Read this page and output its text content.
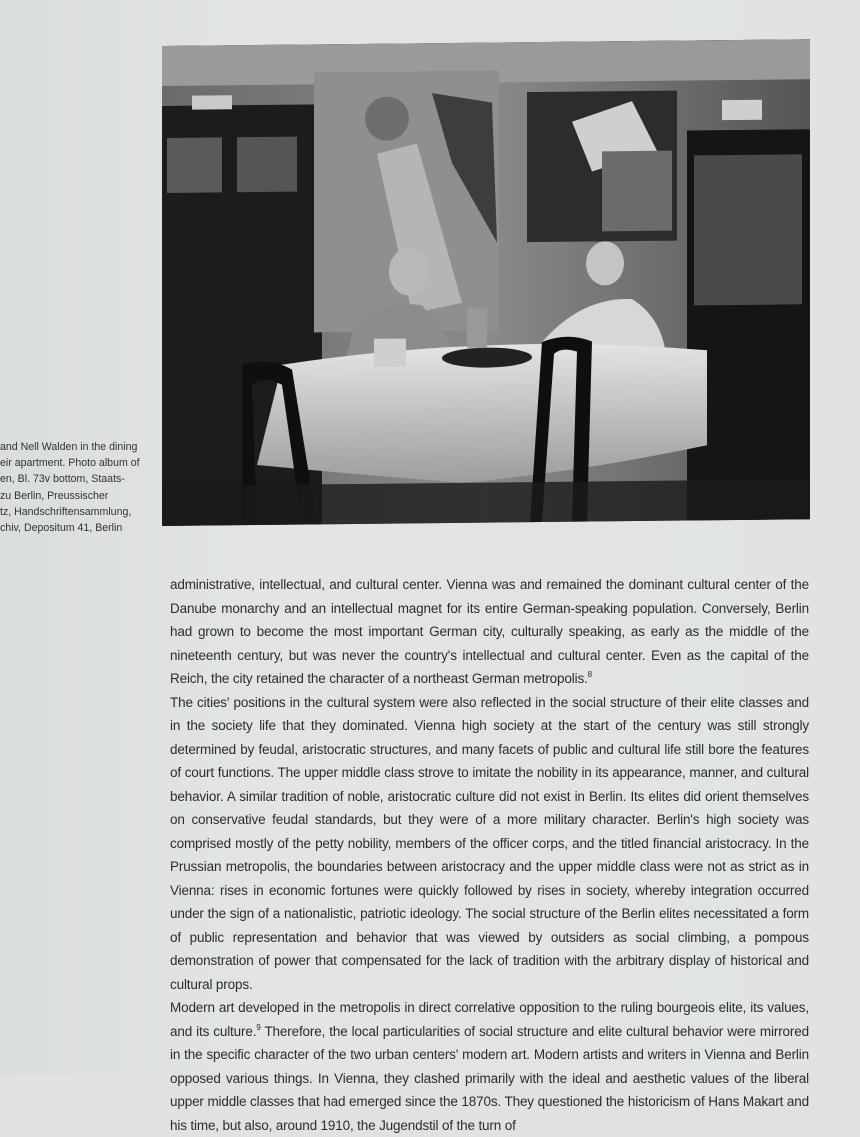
and Nell Walden in the dining
eir apartment. Photo album of
en, Bl. 73v bottom, Staats-
zu Berlin, Preussischer
tz, Handschriftensammlung,
chiv, Depositum 41, Berlin

administrative, intellectual, and cultural center. Vienna was and remained the dominant cultural center of the Danube monarchy and an intellectual magnet for its entire German-speaking population. Conversely, Berlin had grown to become the most important German city, culturally speaking, as early as the middle of the nineteenth century, but was never the country's intellectual and cultural center. Even as the capital of the Reich, the city retained the character of a northeast German metropolis.$^8$

The cities' positions in the cultural system were also reflected in the social structure of their elite classes and in the society life that they dominated. Vienna high society at the start of the century was still strongly determined by feudal, aristocratic structures, and many facets of public and cultural life still bore the features of court functions. The upper middle class strove to imitate the nobility in its appearance, manner, and cultural behavior. A similar tradition of noble, aristocratic culture did not exist in Berlin. Its elites did orient themselves on conservative feudal standards, but they were of a more military character. Berlin's high society was comprised mostly of the petty nobility, members of the officer corps, and the titled financial aristocracy. In the Prussian metropolis, the boundaries between aristocracy and the upper middle class were not as strict as in Vienna: rises in economic fortunes were quickly followed by rises in society, whereby integration occurred under the sign of a nationalistic, patriotic ideology. The social structure of the Berlin elites necessitated a form of public representation and behavior that was viewed by outsiders as social climbing, a pompous demonstration of power that compensated for the lack of tradition with the arbitrary display of historical and cultural props.

Modern art developed in the metropolis in direct correlative opposition to the ruling bourgeois elite, its values, and its culture.$^9$ Therefore, the local particularities of social structure and elite cultural behavior were mirrored in the specific character of the two urban centers' modern art. Modern artists and writers in Vienna and Berlin opposed various things. In Vienna, they clashed primarily with the ideal and aesthetic values of the liberal upper middle classes that had emerged since the 1870s. They questioned the historicism of Hans Makart and his time, but also, around 1910, the Jugendstil of the turn of
